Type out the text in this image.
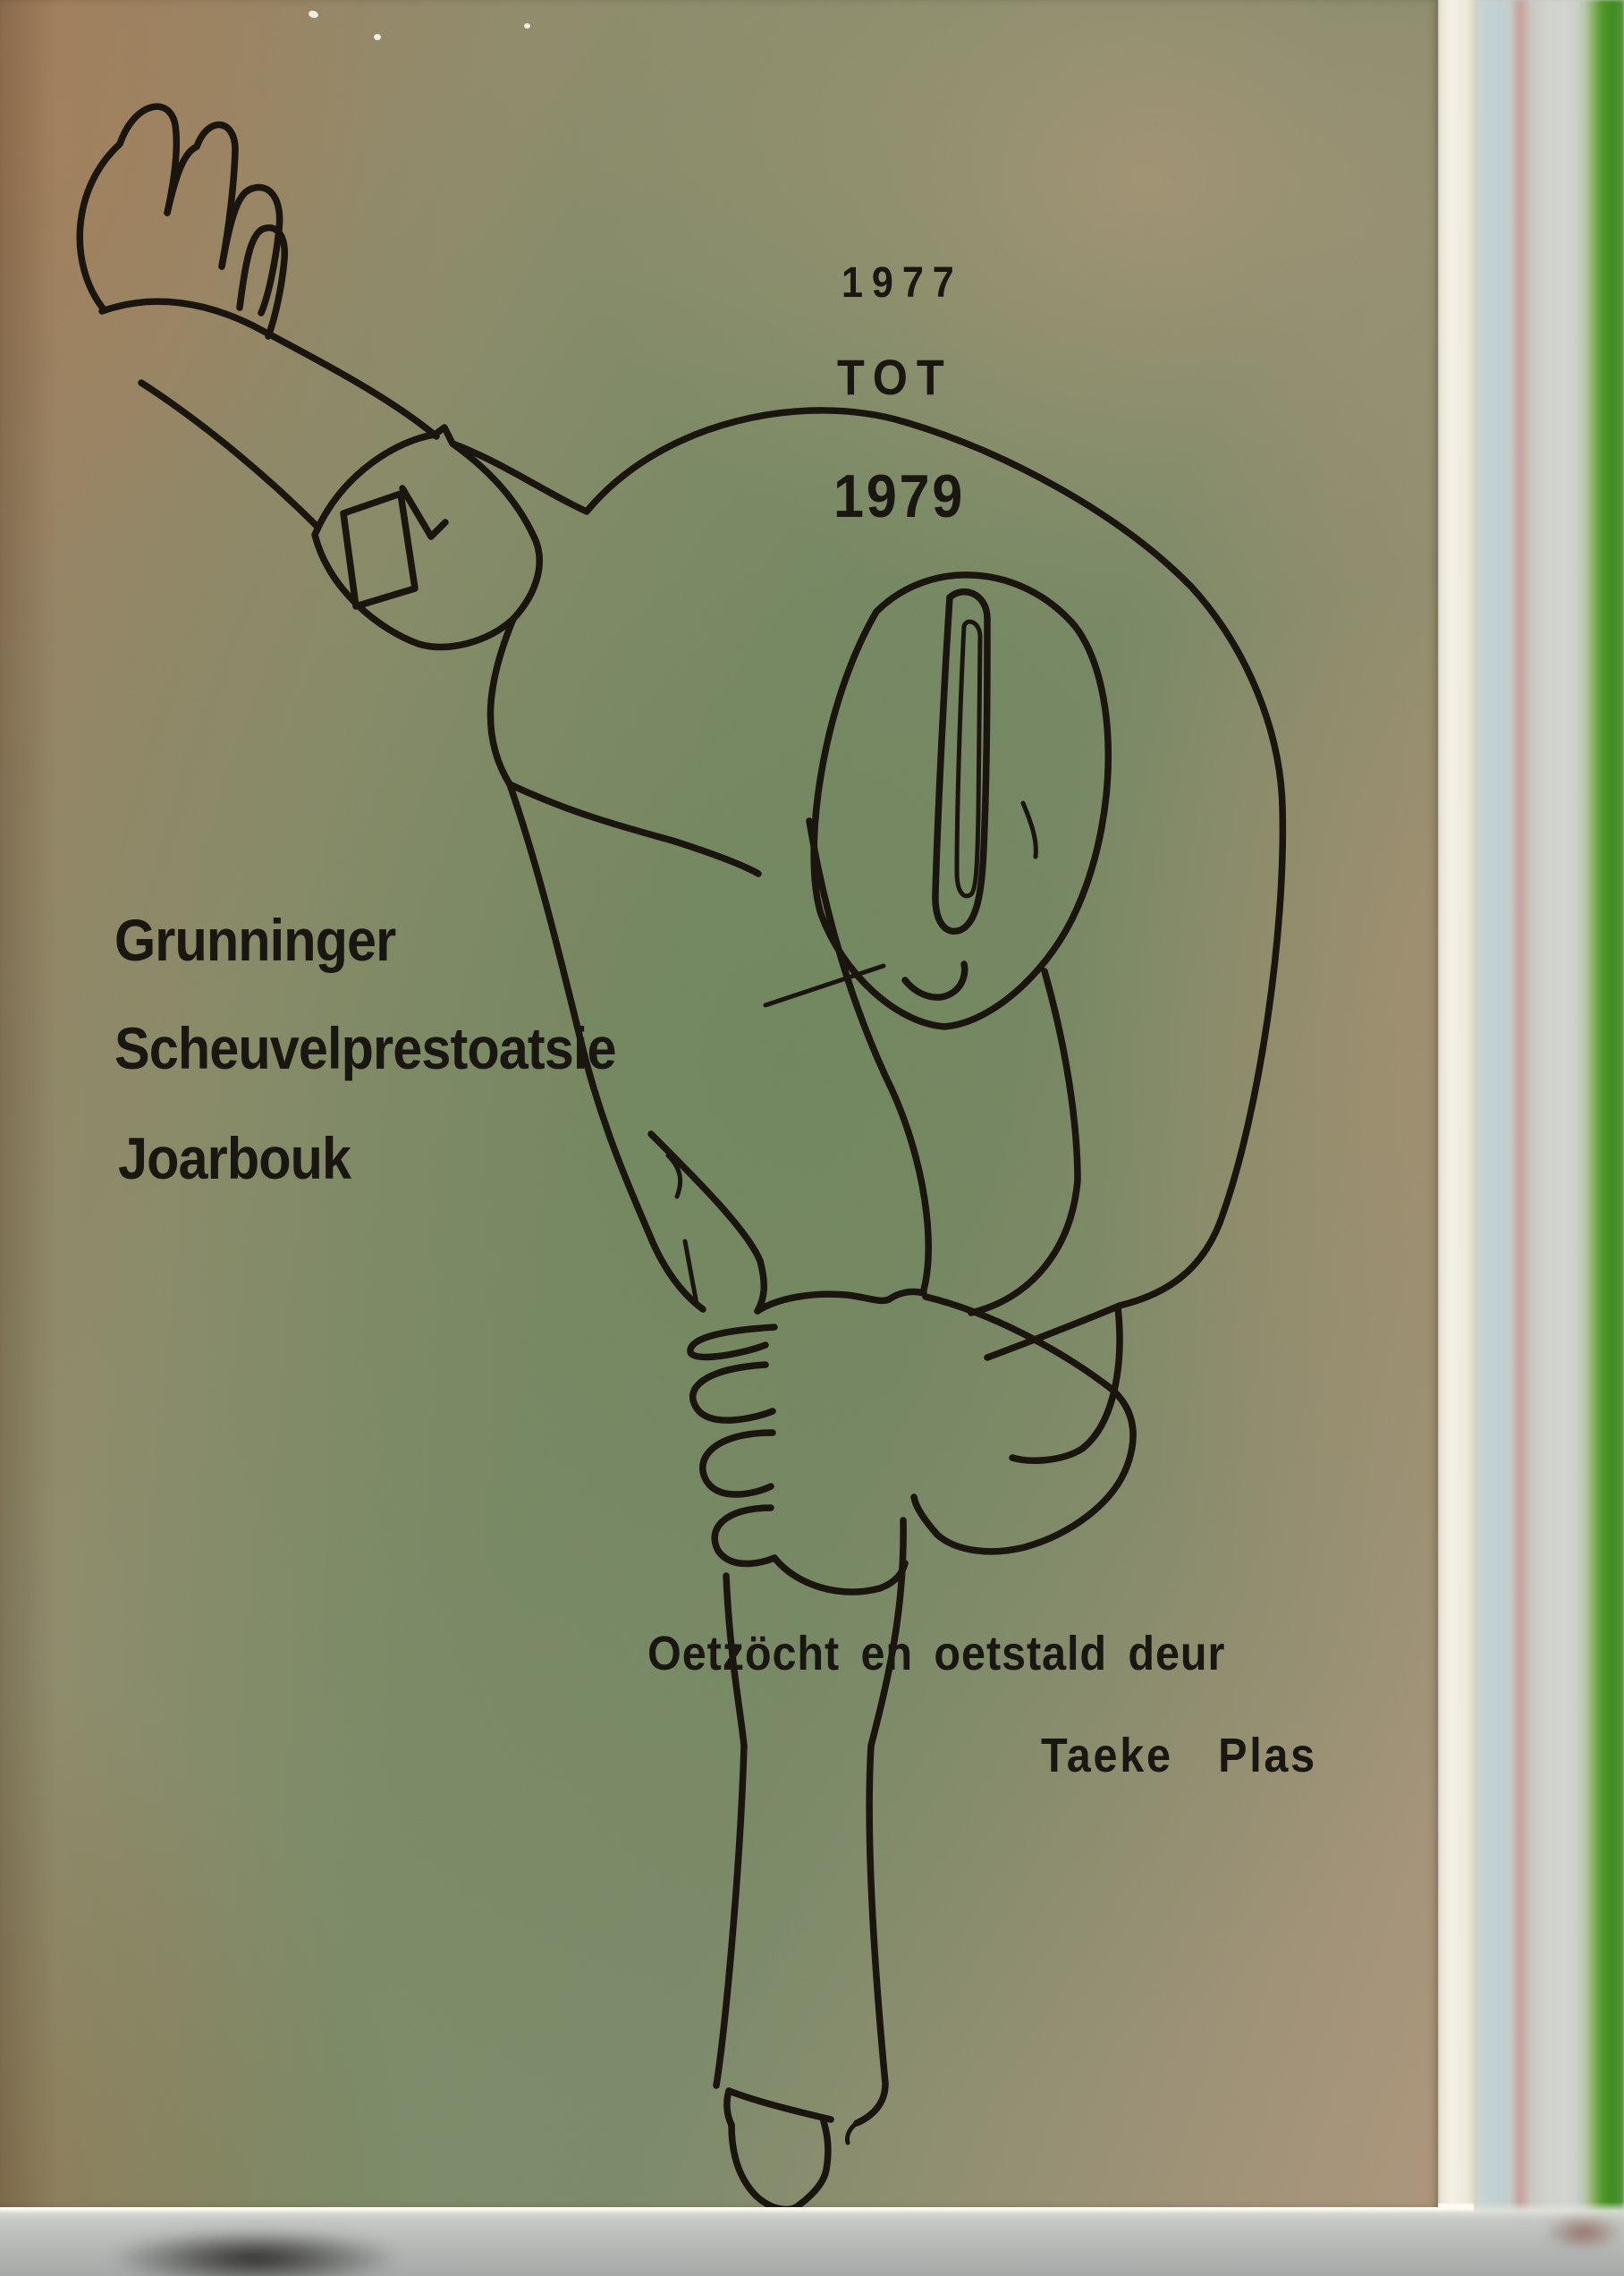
1977
TOT
1979
Grunninger
Scheuvelprestoatsie
Joarbouk
Oetzöcht en oetstald deur
Taeke Plas
